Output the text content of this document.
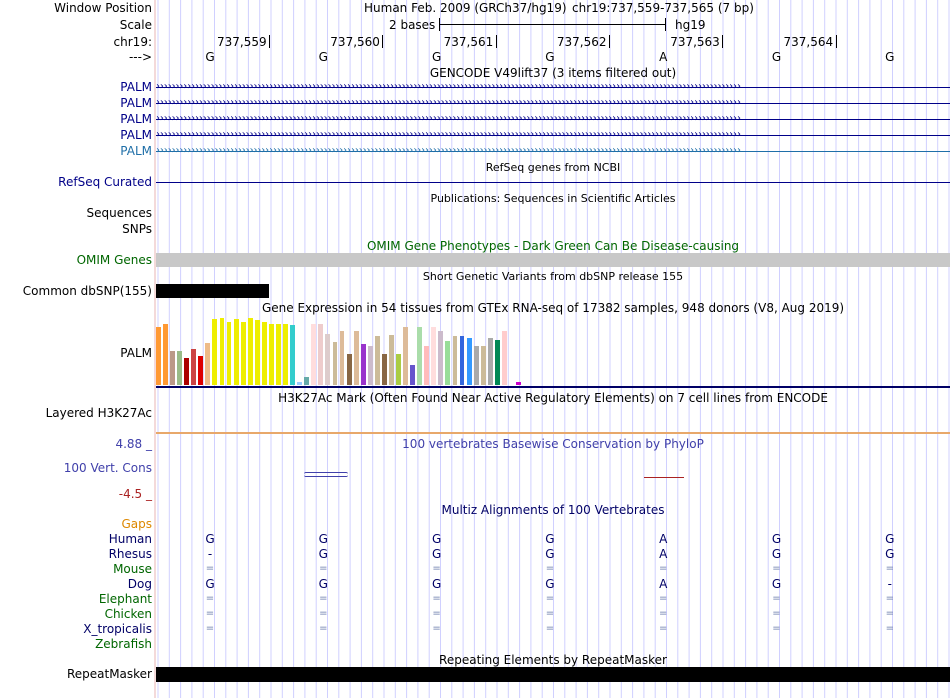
Window Position	Human Feb. 2009 (GRCh37/hg19) chr19:737,559-737,565 (7 bp)
Scale	2 bases	hg19
chr19:	737,559	737,560	737,561	737,562	737,563	737,564
--->	G	G	G	G	A	G	G
GENCODE V49lift37 (3 items filtered out)
PALM ››››››››››››››››››››››››››››››››››››››››››››››››››››››››››››››››››››››››››››››››››››››››››››››››››››››››››››››››››››››››››››››››››››››››››››››››››››››
PALM ››››››››››››››››››››››››››››››››››››››››››››››››››››››››››››››››››››››››››››››››››››››››››››››››››››››››››››››››››››››››››››››››››››››››››››››››››››››
PALM ››››››››››››››››››››››››››››››››››››››››››››››››››››››››››››››››››››››››››››››››››››››››››››››››››››››››››››››››››››››››››››››››››››››››››››››››››››››
PALM ››››››››››››››››››››››››››››››››››››››››››››››››››››››››››››››››››››››››››››››››››››››››››››››››››››››››››››››››››››››››››››››››››››››››››››››››››››››
PALM ››››››››››››››››››››››››››››››››››››››››››››››››››››››››››››››››››››››››››››››››››››››››››››››››››››››››››››››››››››››››››››››››››››››››››››››››››››››
RefSeq genes from NCBI
RefSeq Curated
Publications: Sequences in Scientific Articles
Sequences
SNPs
OMIM Gene Phenotypes - Dark Green Can Be Disease-causing
OMIM Genes
Short Genetic Variants from dbSNP release 155
Common dbSNP(155)
Gene Expression in 54 tissues from GTEx RNA-seq of 17382 samples, 948 donors (V8, Aug 2019)
PALM
H3K27Ac Mark (Often Found Near Active Regulatory Elements) on 7 cell lines from ENCODE
Layered H3K27Ac
4.88 _	100 vertebrates Basewise Conservation by PhyloP
100 Vert. Cons
-4.5 _
Multiz Alignments of 100 Vertebrates
Gaps
Human	G	G	G	G	A	G	G
Rhesus	-	G	G	G	A	G	G
Mouse	=	=	=	=	=	=	=
Dog	G	G	G	G	A	G	-
Elephant	=	=	=	=	=	=	=
Chicken	=	=	=	=	=	=	=
X_tropicalis	=	=	=	=	=	=	=
Zebrafish
Repeating Elements by RepeatMasker
RepeatMasker
